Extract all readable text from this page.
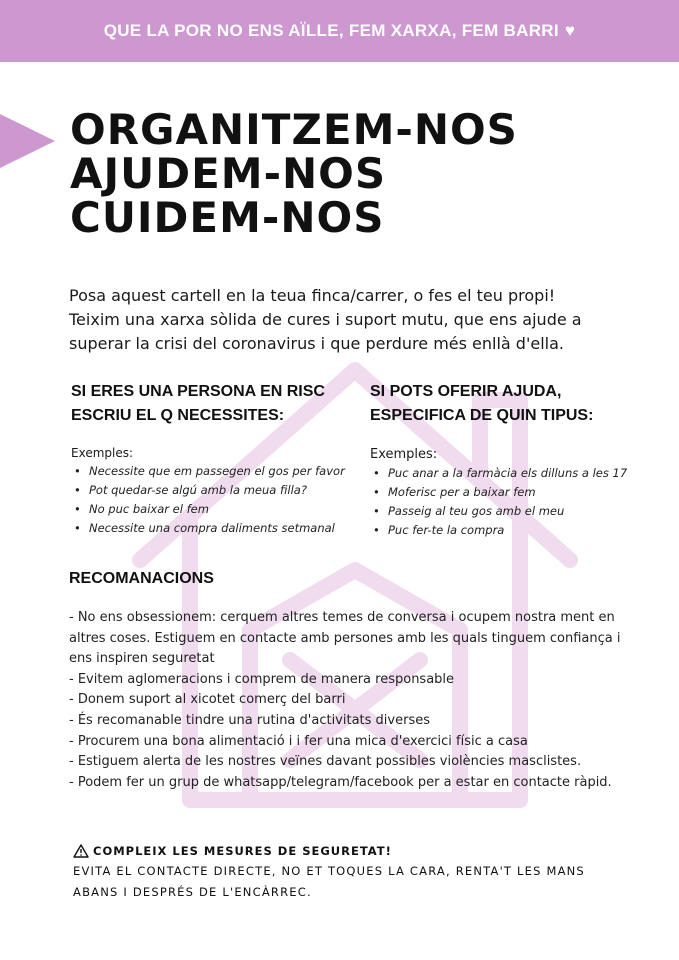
QUE LA POR NO ENS AÏLLE, FEM XARXA, FEM BARRI ♥
ORGANITZEM-NOS
AJUDEM-NOS
CUIDEM-NOS
Posa aquest cartell en la teua finca/carrer, o fes el teu propi!
Teixim una xarxa sòlida de cures i suport mutu, que ens ajude a
superar la crisi del coronavirus i que perdure més enllà d'ella.
SI ERES UNA PERSONA EN RISC
ESCRIU EL Q NECESSITES:
Exemples:
• Necessite que em passegen el gos per favor
• Pot quedar-se algú amb la meua filla?
• No puc baixar el fem
• Necessite una compra daliments setmanal
SI POTS OFERIR AJUDA,
ESPECIFICA DE QUIN TIPUS:
Exemples:
• Puc anar a la farmàcia els dilluns a les 17
• Moferisc per a baixar fem
• Passeig al teu gos amb el meu
• Puc fer-te la compra
RECOMANACIONS
- No ens obsessionem: cerquem altres temes de conversa i ocupem nostra ment en
altres coses. Estiguem en contacte amb persones amb les quals tinguem confiança i
ens inspiren seguretat
- Evitem aglomeracions i comprem de manera responsable
- Donem suport al xicotet comerç del barri
- És recomanable tindre una rutina d'activitats diverses
- Procurem una bona alimentació i i fer una mica d'exercici físic a casa
- Estiguem alerta de les nostres veïnes davant possibles violències masclistes.
- Podem fer un grup de whatsapp/telegram/facebook per a estar en contacte ràpid.
COMPLEIX LES MESURES DE SEGURETAT!
EVITA EL CONTACTE DIRECTE, NO ET TOQUES LA CARA, RENTA'T LES MANS
ABANS I DESPRÉS DE L'ENCÀRREC.
